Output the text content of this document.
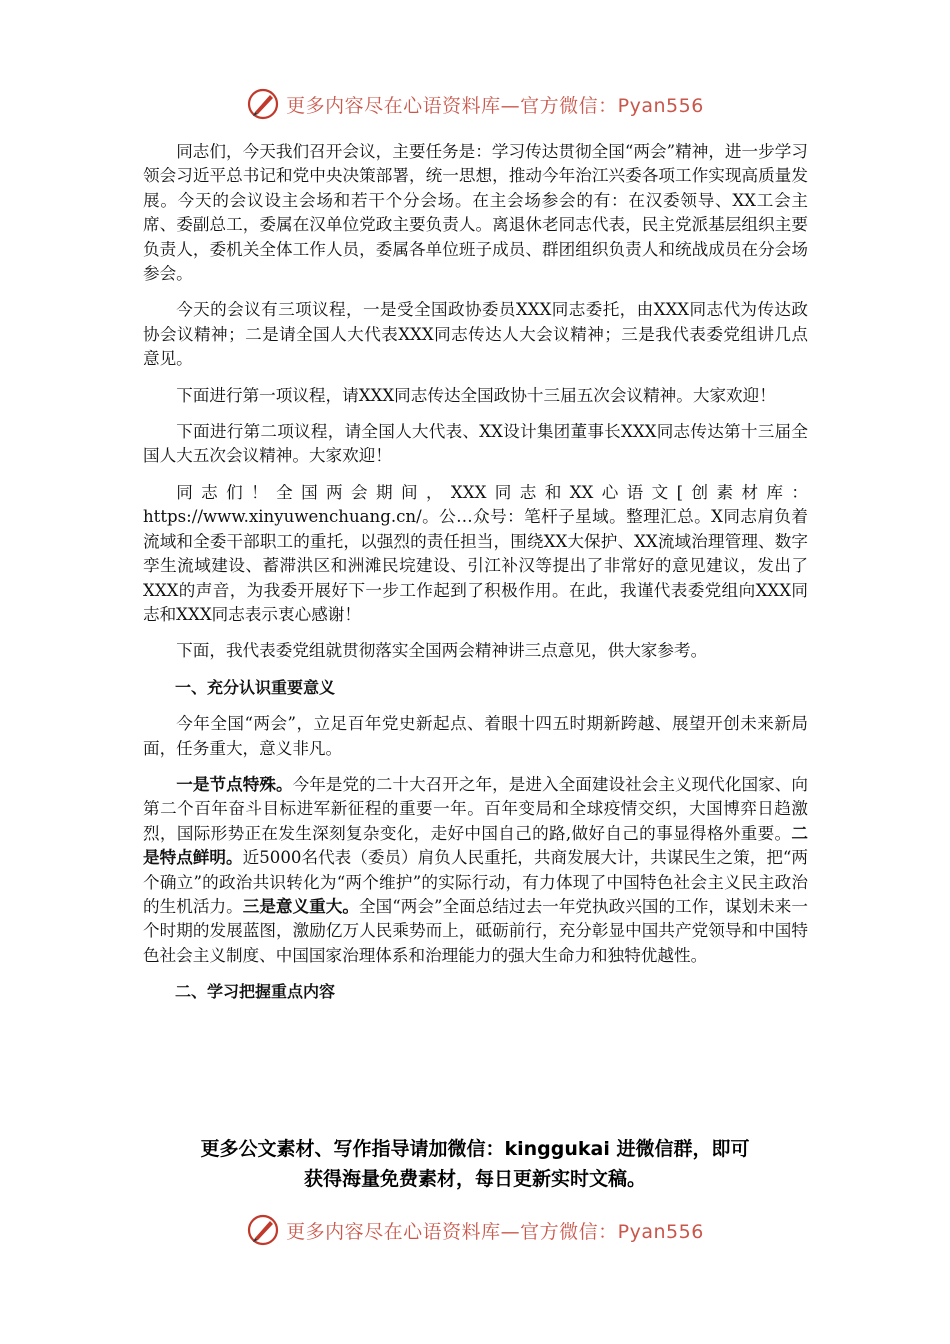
更多内容尽在心语资料库—官方微信：Pyan556

同志们，今天我们召开会议，主要任务是：学习传达贯彻全国“两会”精神，进一步学习领会习近平总书记和党中央决策部署，统一思想，推动今年治江兴委各项工作实现高质量发展。今天的会议设主会场和若干个分会场。在主会场参会的有：在汉委领导、XX工会主席、委副总工，委属在汉单位党政主要负责人。离退休老同志代表，民主党派基层组织主要负责人，委机关全体工作人员，委属各单位班子成员、群团组织负责人和统战成员在分会场参会。

今天的会议有三项议程，一是受全国政协委员XXX同志委托，由XXX同志代为传达政协会议精神；二是请全国人大代表XXX同志传达人大会议精神；三是我代表委党组讲几点意见。

下面进行第一项议程，请XXX同志传达全国政协十三届五次会议精神。大家欢迎！

下面进行第二项议程，请全国人大代表、XX设计集团董事长XXX同志传达第十三届全国人大五次会议精神。大家欢迎！

同志们！全国两会期间，XXX同志和XX心语文[创素材库：https://www.xinyuwenchuang.cn/。公…众号：笔杆子星域。整理汇总。X同志肩负着流域和全委干部职工的重托，以强烈的责任担当，围绕XX大保护、XX流域治理管理、数字孪生流域建设、蓄滞洪区和洲滩民垸建设、引江补汉等提出了非常好的意见建议，发出了XXX的声音，为我委开展好下一步工作起到了积极作用。在此，我谨代表委党组向XXX同志和XXX同志表示衷心感谢！

下面，我代表委党组就贯彻落实全国两会精神讲三点意见，供大家参考。

一、充分认识重要意义

今年全国“两会”，立足百年党史新起点、着眼十四五时期新跨越、展望开创未来新局面，任务重大，意义非凡。

一是节点特殊。今年是党的二十大召开之年，是进入全面建设社会主义现代化国家、向第二个百年奋斗目标进军新征程的重要一年。百年变局和全球疫情交织，大国博弈日趋激烈，国际形势正在发生深刻复杂变化，走好中国自己的路,做好自己的事显得格外重要。二是特点鲜明。近5000名代表（委员）肩负人民重托，共商发展大计，共谋民生之策，把“两个确立”的政治共识转化为“两个维护”的实际行动，有力体现了中国特色社会主义民主政治的生机活力。三是意义重大。全国“两会”全面总结过去一年党执政兴国的工作，谋划未来一个时期的发展蓝图，激励亿万人民乘势而上，砥砺前行，充分彰显中国共产党领导和中国特色社会主义制度、中国国家治理体系和治理能力的强大生命力和独特优越性。

二、学习把握重点内容

更多公文素材、写作指导请加微信：kinggukai 进微信群，即可
获得海量免费素材，每日更新实时文稿。
更多内容尽在心语资料库—官方微信：Pyan556
